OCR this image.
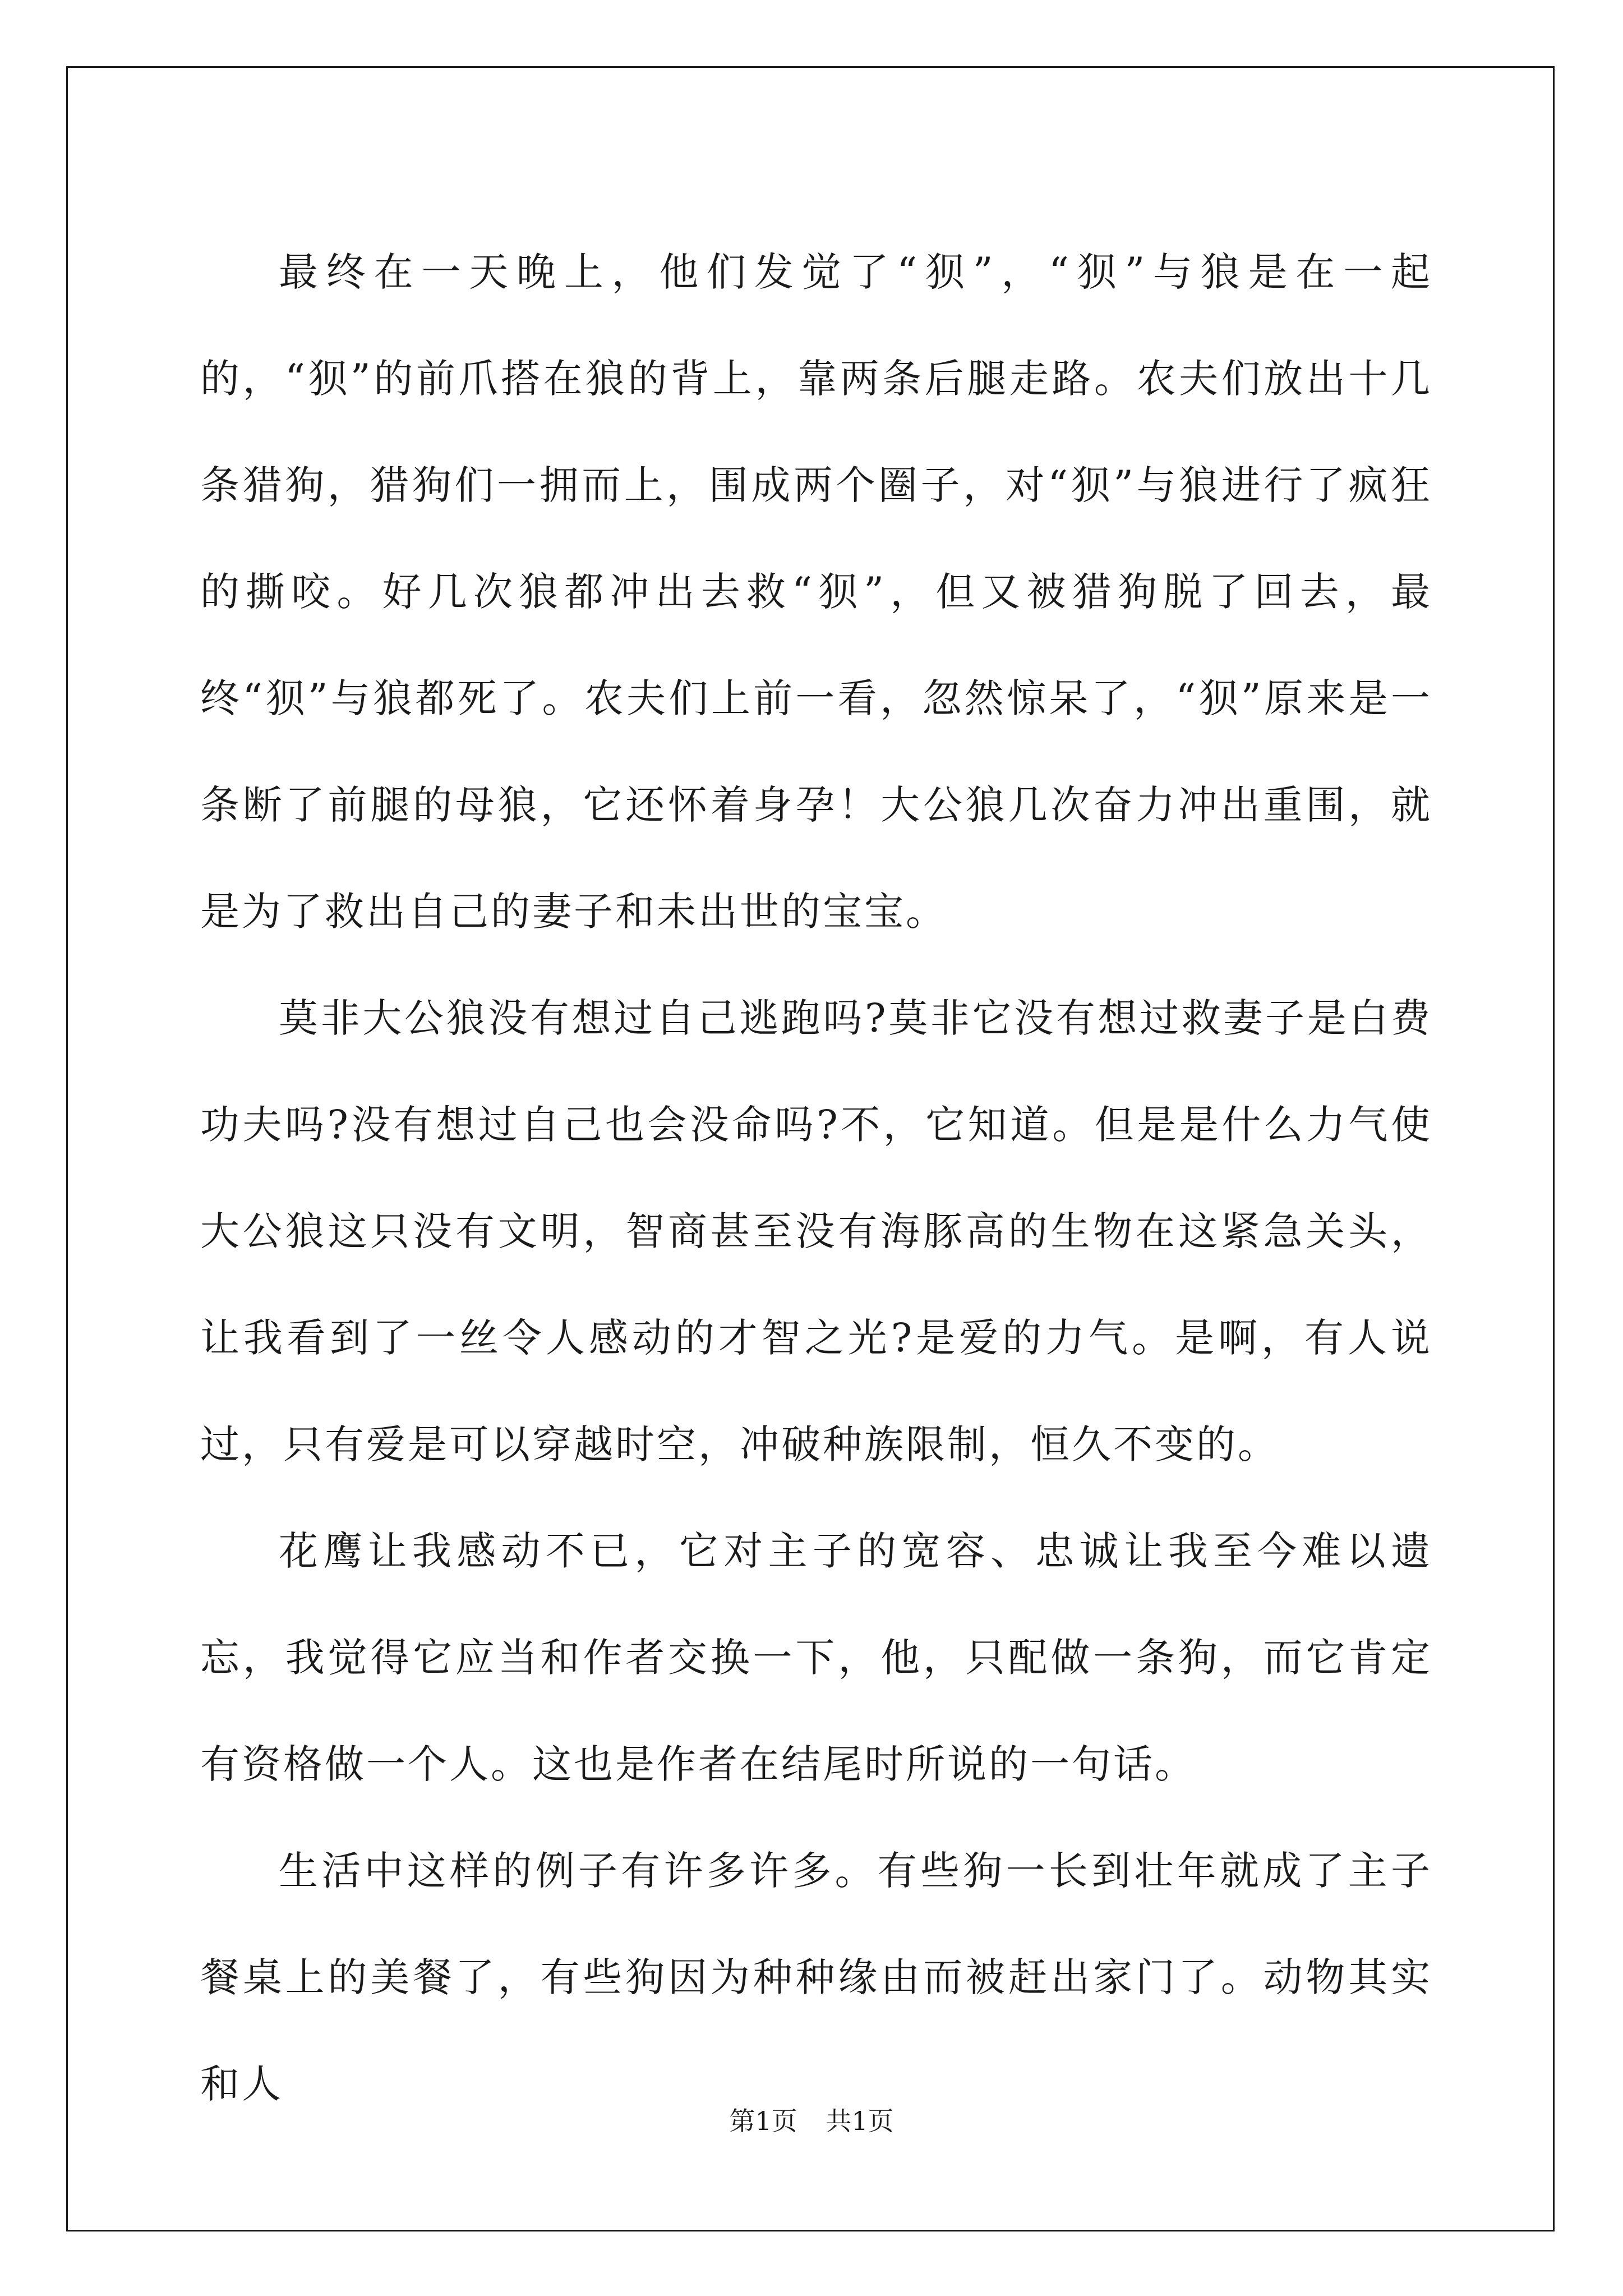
最终在一天晚上，他们发觉了“狈”，“狈”与狼是在一起的，“狈”的前爪搭在狼的背上，靠两条后腿走路。农夫们放出十几条猎狗，猎狗们一拥而上，围成两个圈子，对“狈”与狼进行了疯狂的撕咬。好几次狼都冲出去救“狈”，但又被猎狗脱了回去，最终“狈”与狼都死了。农夫们上前一看，忽然惊呆了，“狈”原来是一条断了前腿的母狼，它还怀着身孕！大公狼几次奋力冲出重围，就是为了救出自己的妻子和未出世的宝宝。

莫非大公狼没有想过自己逃跑吗?莫非它没有想过救妻子是白费功夫吗?没有想过自己也会没命吗?不，它知道。但是是什么力气使大公狼这只没有文明，智商甚至没有海豚高的生物在这紧急关头，让我看到了一丝令人感动的才智之光?是爱的力气。是啊，有人说过，只有爱是可以穿越时空，冲破种族限制，恒久不变的。

花鹰让我感动不已，它对主子的宽容、忠诚让我至今难以遗忘，我觉得它应当和作者交换一下，他，只配做一条狗，而它肯定有资格做一个人。这也是作者在结尾时所说的一句话。

生活中这样的例子有许多许多。有些狗一长到壮年就成了主子餐桌上的美餐了，有些狗因为种种缘由而被赶出家门了。动物其实和人

第1页 共1页
